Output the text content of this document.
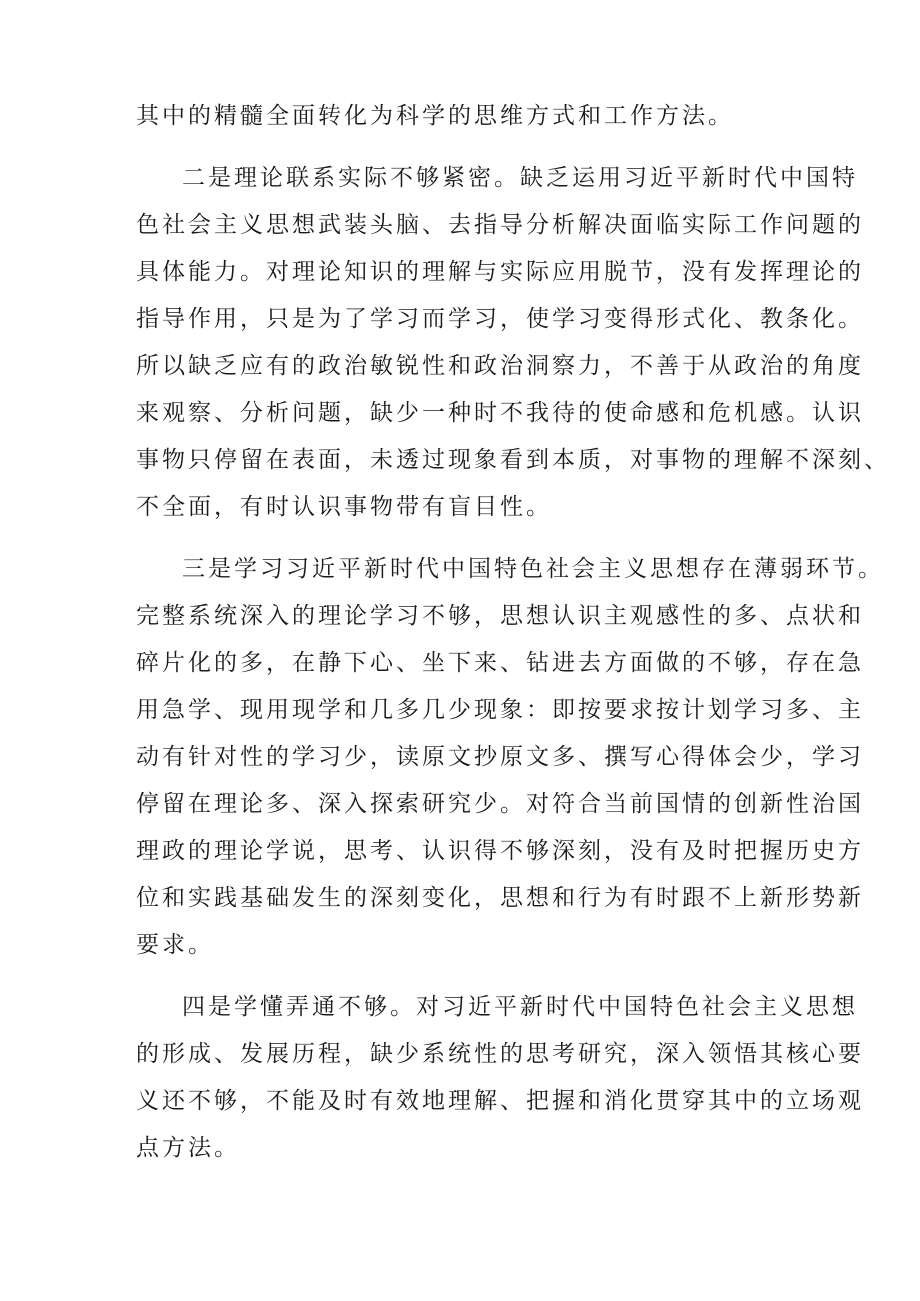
其中的精髓全面转化为科学的思维方式和工作方法。
二是理论联系实际不够紧密。缺乏运用习近平新时代中国特
色社会主义思想武装头脑、去指导分析解决面临实际工作问题的
具体能力。对理论知识的理解与实际应用脱节，没有发挥理论的
指导作用，只是为了学习而学习，使学习变得形式化、教条化。
所以缺乏应有的政治敏锐性和政治洞察力，不善于从政治的角度
来观察、分析问题，缺少一种时不我待的使命感和危机感。认识
事物只停留在表面，未透过现象看到本质，对事物的理解不深刻、
不全面，有时认识事物带有盲目性。
三是学习习近平新时代中国特色社会主义思想存在薄弱环节。
完整系统深入的理论学习不够，思想认识主观感性的多、点状和
碎片化的多，在静下心、坐下来、钻进去方面做的不够，存在急
用急学、现用现学和几多几少现象：即按要求按计划学习多、主
动有针对性的学习少，读原文抄原文多、撰写心得体会少，学习
停留在理论多、深入探索研究少。对符合当前国情的创新性治国
理政的理论学说，思考、认识得不够深刻，没有及时把握历史方
位和实践基础发生的深刻变化，思想和行为有时跟不上新形势新
要求。
四是学懂弄通不够。对习近平新时代中国特色社会主义思想
的形成、发展历程，缺少系统性的思考研究，深入领悟其核心要
义还不够，不能及时有效地理解、把握和消化贯穿其中的立场观
点方法。
